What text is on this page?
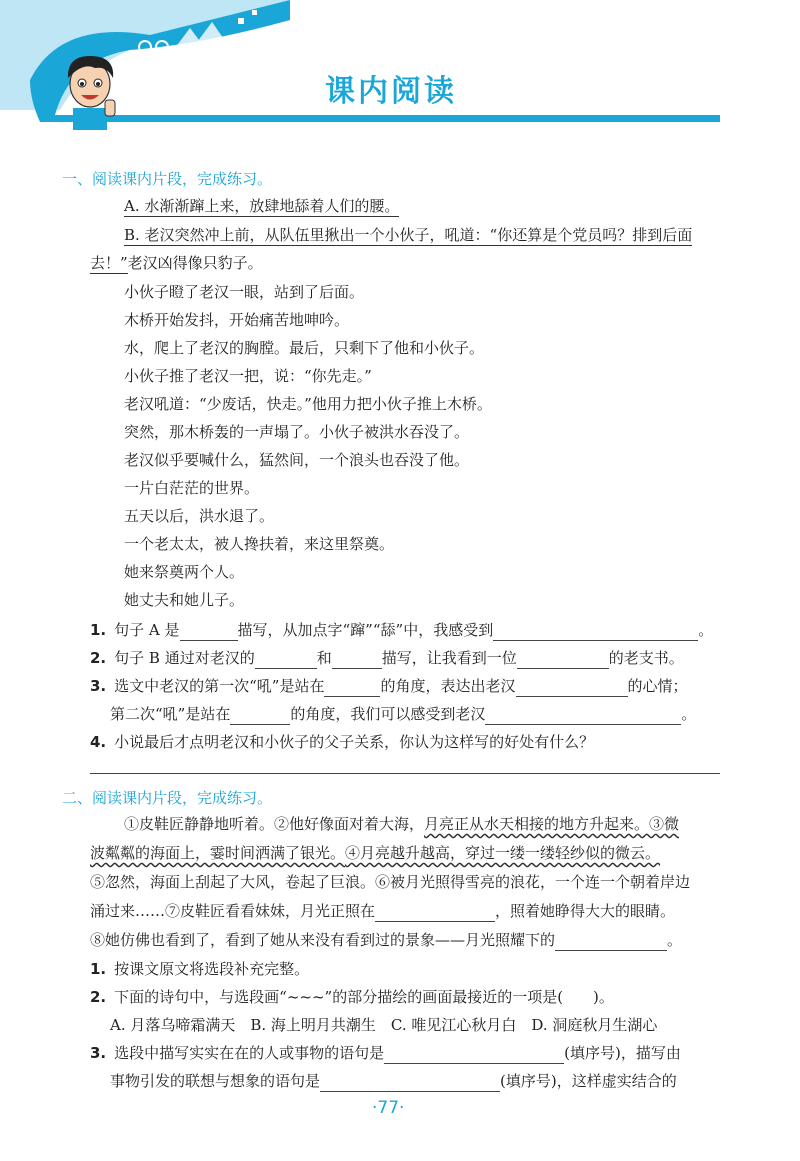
课内阅读
一、阅读课内片段，完成练习。
A. 水渐渐蹿上来，放肆地舔着人们的腰。
B. 老汉突然冲上前，从队伍里揪出一个小伙子，吼道：“你还算是个党员吗？排到后面
去！”老汉凶得像只豹子。
小伙子瞪了老汉一眼，站到了后面。
木桥开始发抖，开始痛苦地呻吟。
水，爬上了老汉的胸膛。最后，只剩下了他和小伙子。
小伙子推了老汉一把，说：“你先走。”
老汉吼道：“少废话，快走。”他用力把小伙子推上木桥。
突然，那木桥轰的一声塌了。小伙子被洪水吞没了。
老汉似乎要喊什么，猛然间，一个浪头也吞没了他。
一片白茫茫的世界。
五天以后，洪水退了。
一个老太太，被人搀扶着，来这里祭奠。
她来祭奠两个人。
她丈夫和她儿子。
1. 句子 A 是	描写，从加点字“蹿”“舔”中，我感受到	。
2. 句子 B 通过对老汉的	和	描写，让我看到一位	的老支书。
3. 选文中老汉的第一次“吼”是站在	的角度，表达出老汉	的心情；
第二次“吼”是站在	的角度，我们可以感受到老汉	。
4. 小说最后才点明老汉和小伙子的父子关系，你认为这样写的好处有什么？
二、阅读课内片段，完成练习。
①皮鞋匠静静地听着。②他好像面对着大海，月亮正从水天相接的地方升起来。③微
波粼粼的海面上，霎时间洒满了银光。④月亮越升越高，穿过一缕一缕轻纱似的微云。
⑤忽然，海面上刮起了大风，卷起了巨浪。⑥被月光照得雪亮的浪花，一个连一个朝着岸边
涌过来……⑦皮鞋匠看看妹妹，月光正照在	，照着她睁得大大的眼睛。
⑧她仿佛也看到了，看到了她从来没有看到过的景象——月光照耀下的	。
1. 按课文原文将选段补充完整。
2. 下面的诗句中，与选段画“~~~”的部分描绘的画面最接近的一项是(　　)。
A. 月落乌啼霜满天　B. 海上明月共潮生　C. 唯见江心秋月白　D. 洞庭秋月生湖心
3. 选段中描写实实在在的人或事物的语句是	(填序号)，描写由
事物引发的联想与想象的语句是	(填序号)，这样虚实结合的
·77·
